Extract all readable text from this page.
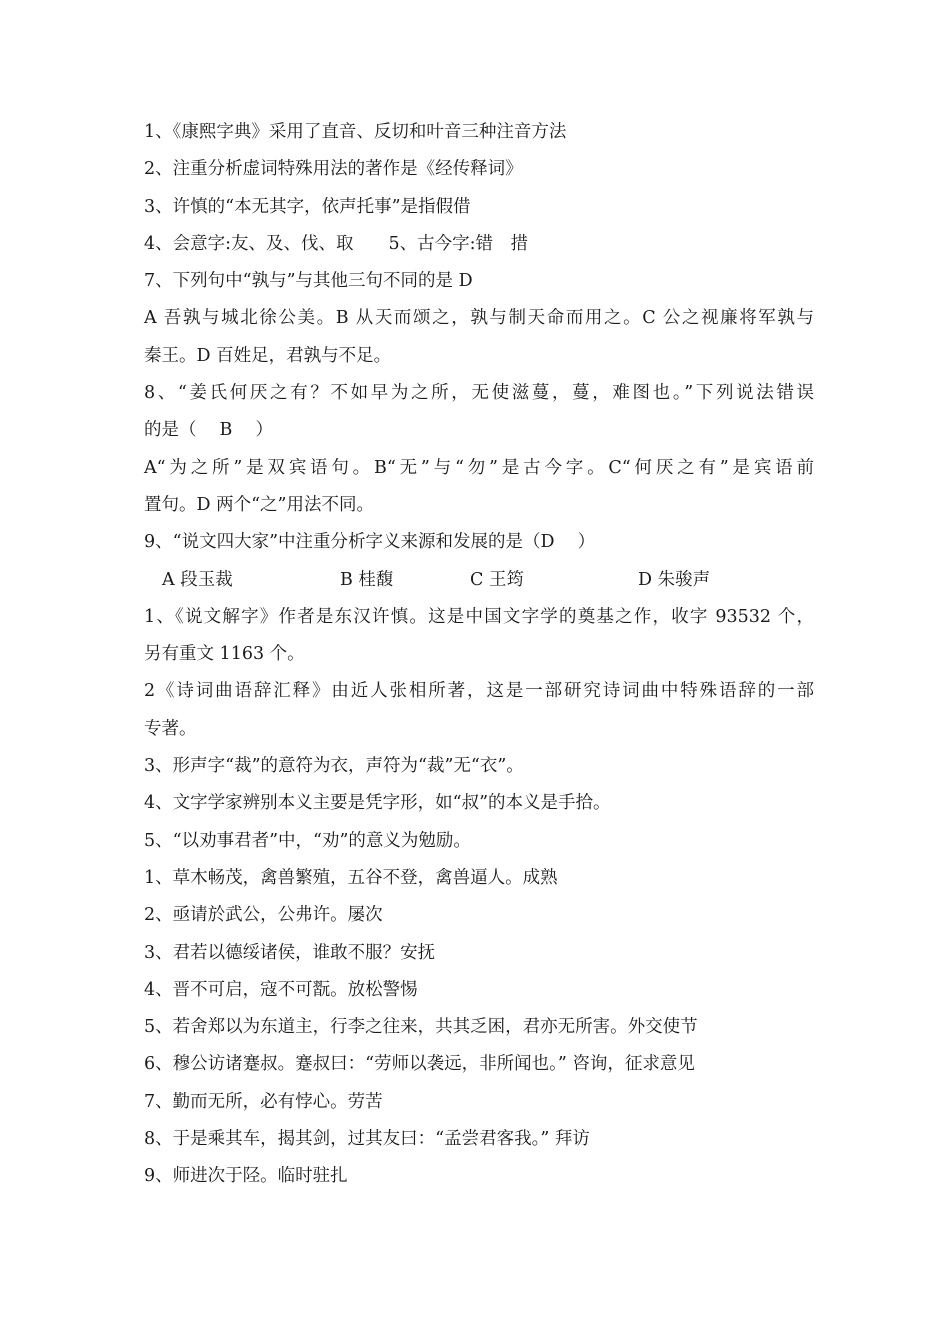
1、《康熙字典》采用了直音、反切和叶音三种注音方法
2、注重分析虚词特殊用法的著作是《经传释词》
3、许慎的“本无其字，依声托事”是指假借
4、会意字:友、及、伐、取　　5、古今字:错　措
7、下列句中“孰与”与其他三句不同的是 D
A 吾孰与城北徐公美。B 从天而颂之，孰与制天命而用之。C 公之视廉将军孰与
秦王。D 百姓足，君孰与不足。
8、“姜氏何厌之有？不如早为之所，无使滋蔓，蔓，难图也。”下列说法错误
的是（　 B　 ）
A“为之所”是双宾语句。B“无”与“勿”是古今字。C“何厌之有”是宾语前
置句。D 两个“之”用法不同。
9、“说文四大家”中注重分析字义来源和发展的是（D　 ）
A 段玉裁	B 桂馥	C 王筠	D 朱骏声
1、《说文解字》作者是东汉许慎。这是中国文字学的奠基之作，收字 93532 个，
另有重文 1163 个。
2《诗词曲语辞汇释》由近人张相所著，这是一部研究诗词曲中特殊语辞的一部
专著。
3、形声字“裁”的意符为衣，声符为“裁”无“衣”。
4、文字学家辨别本义主要是凭字形，如“叔”的本义是手拾。
5、“以劝事君者”中，“劝”的意义为勉励。
1、草木畅茂，禽兽繁殖，五谷不登，禽兽逼人。成熟
2、亟请於武公，公弗许。屡次
3、君若以德绥诸侯，谁敢不服？安抚
4、晋不可启，寇不可翫。放松警惕
5、若舍郑以为东道主，行李之往来，共其乏困，君亦无所害。外交使节
6、穆公访诸蹇叔。蹇叔曰：“劳师以袭远，非所闻也。” 咨询，征求意见
7、勤而无所，必有悖心。劳苦
8、于是乘其车，揭其剑，过其友曰：“孟尝君客我。” 拜访
9、师进次于陉。临时驻扎
